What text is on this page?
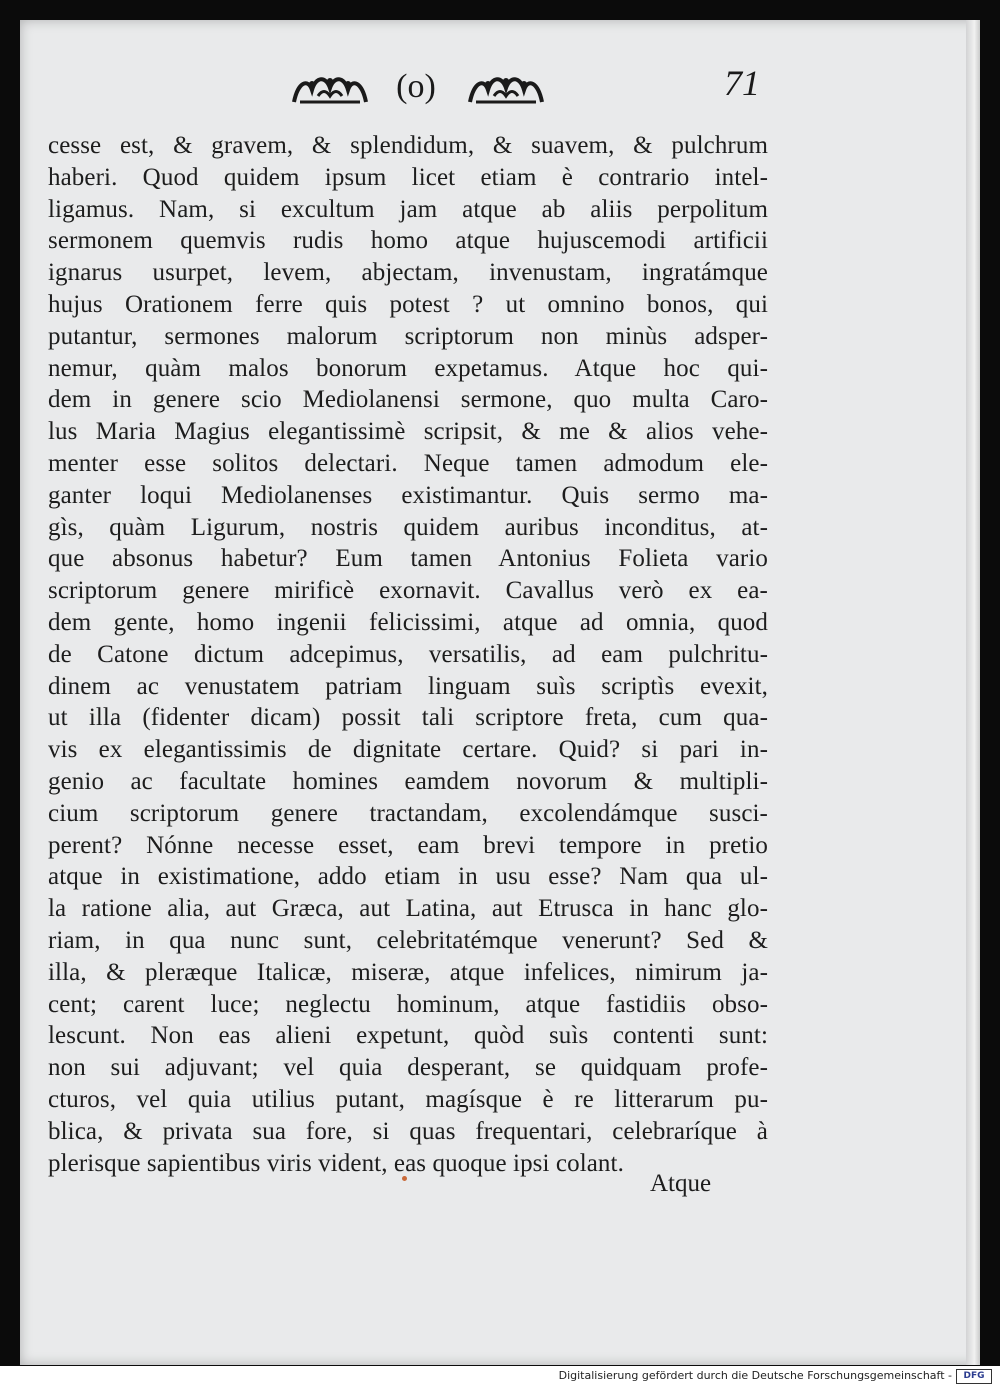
(o)	71
cesse est, & gravem, & splendidum, & suavem, & pulchrum
haberi. Quod quidem ipsum licet etiam è contrario intel-
ligamus. Nam, si excultum jam atque ab aliis perpolitum
sermonem quemvis rudis homo atque hujuscemodi artificii
ignarus usurpet, levem, abjectam, invenustam, ingratámque
hujus Orationem ferre quis potest ? ut omnino bonos, qui
putantur, sermones malorum scriptorum non minùs adsper-
nemur, quàm malos bonorum expetamus. Atque hoc qui-
dem in genere scio Mediolanensi sermone, quo multa Caro-
lus Maria Magius elegantissimè scripsit, & me & alios vehe-
menter esse solitos delectari. Neque tamen admodum ele-
ganter loqui Mediolanenses existimantur. Quis sermo ma-
gìs, quàm Ligurum, nostris quidem auribus inconditus, at-
que absonus habetur? Eum tamen Antonius Folieta vario
scriptorum genere mirificè exornavit. Cavallus verò ex ea-
dem gente, homo ingenii felicissimi, atque ad omnia, quod
de Catone dictum adcepimus, versatilis, ad eam pulchritu-
dinem ac venustatem patriam linguam suìs scriptìs evexit,
ut illa (fidenter dicam) possit tali scriptore freta, cum qua-
vis ex elegantissimis de dignitate certare. Quid? si pari in-
genio ac facultate homines eamdem novorum & multipli-
cium scriptorum genere tractandam, excolendámque susci-
perent? Nónne necesse esset, eam brevi tempore in pretio
atque in existimatione, addo etiam in usu esse? Nam qua ul-
la ratione alia, aut Græca, aut Latina, aut Etrusca in hanc glo-
riam, in qua nunc sunt, celebritatémque venerunt? Sed &
illa, & pleræque Italicæ, miseræ, atque infelices, nimirum ja-
cent; carent luce; neglectu hominum, atque fastidiis obso-
lescunt. Non eas alieni expetunt, quòd suìs contenti sunt:
non sui adjuvant; vel quia desperant, se quidquam profe-
cturos, vel quia utilius putant, magísque è re litterarum pu-
blica, & privata sua fore, si quas frequentari, celebraríque à
plerisque sapientibus viris vident, eas quoque ipsi colant.
Atque
Digitalisierung gefördert durch die Deutsche Forschungsgemeinschaft -	DFG
